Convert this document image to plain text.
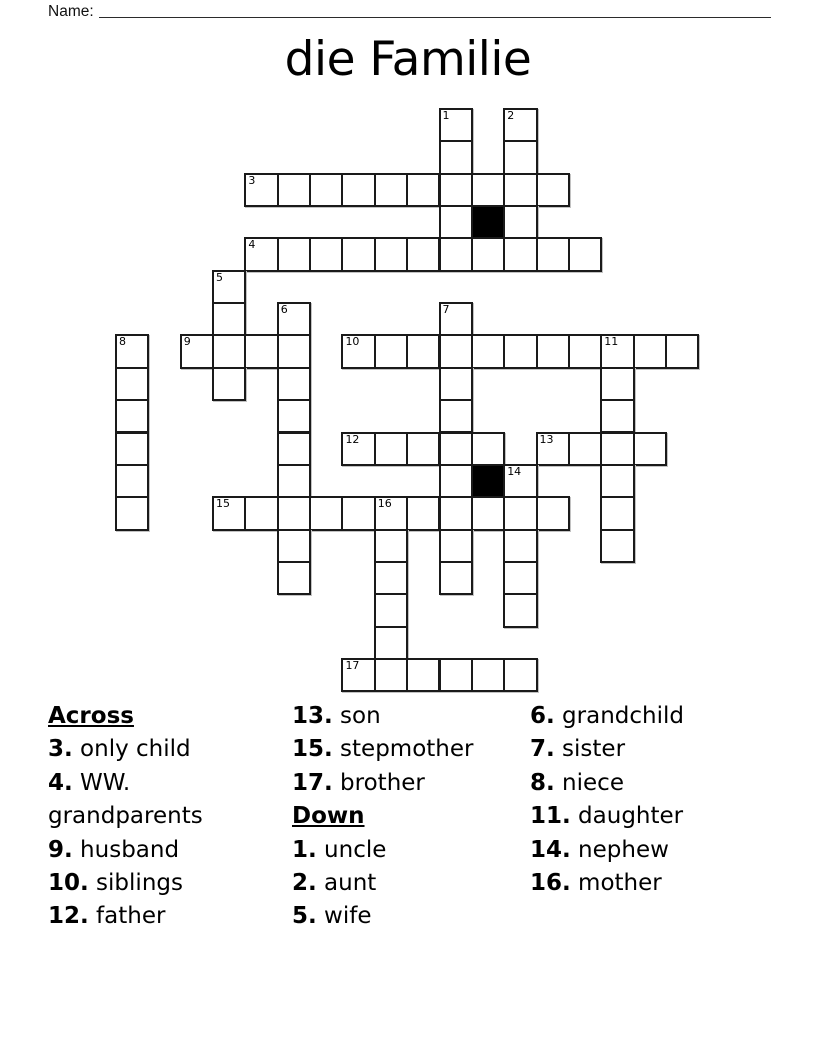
Name:
die Familie
1	2
3
4
5
6	7
8	9	10	11
12	13
14
15	16
17
Across
3. only child
4. WW. grandparents
9. husband
10. siblings
12. father
13. son
15. stepmother
17. brother
Down
1. uncle
2. aunt
5. wife
6. grandchild
7. sister
8. niece
11. daughter
14. nephew
16. mother
